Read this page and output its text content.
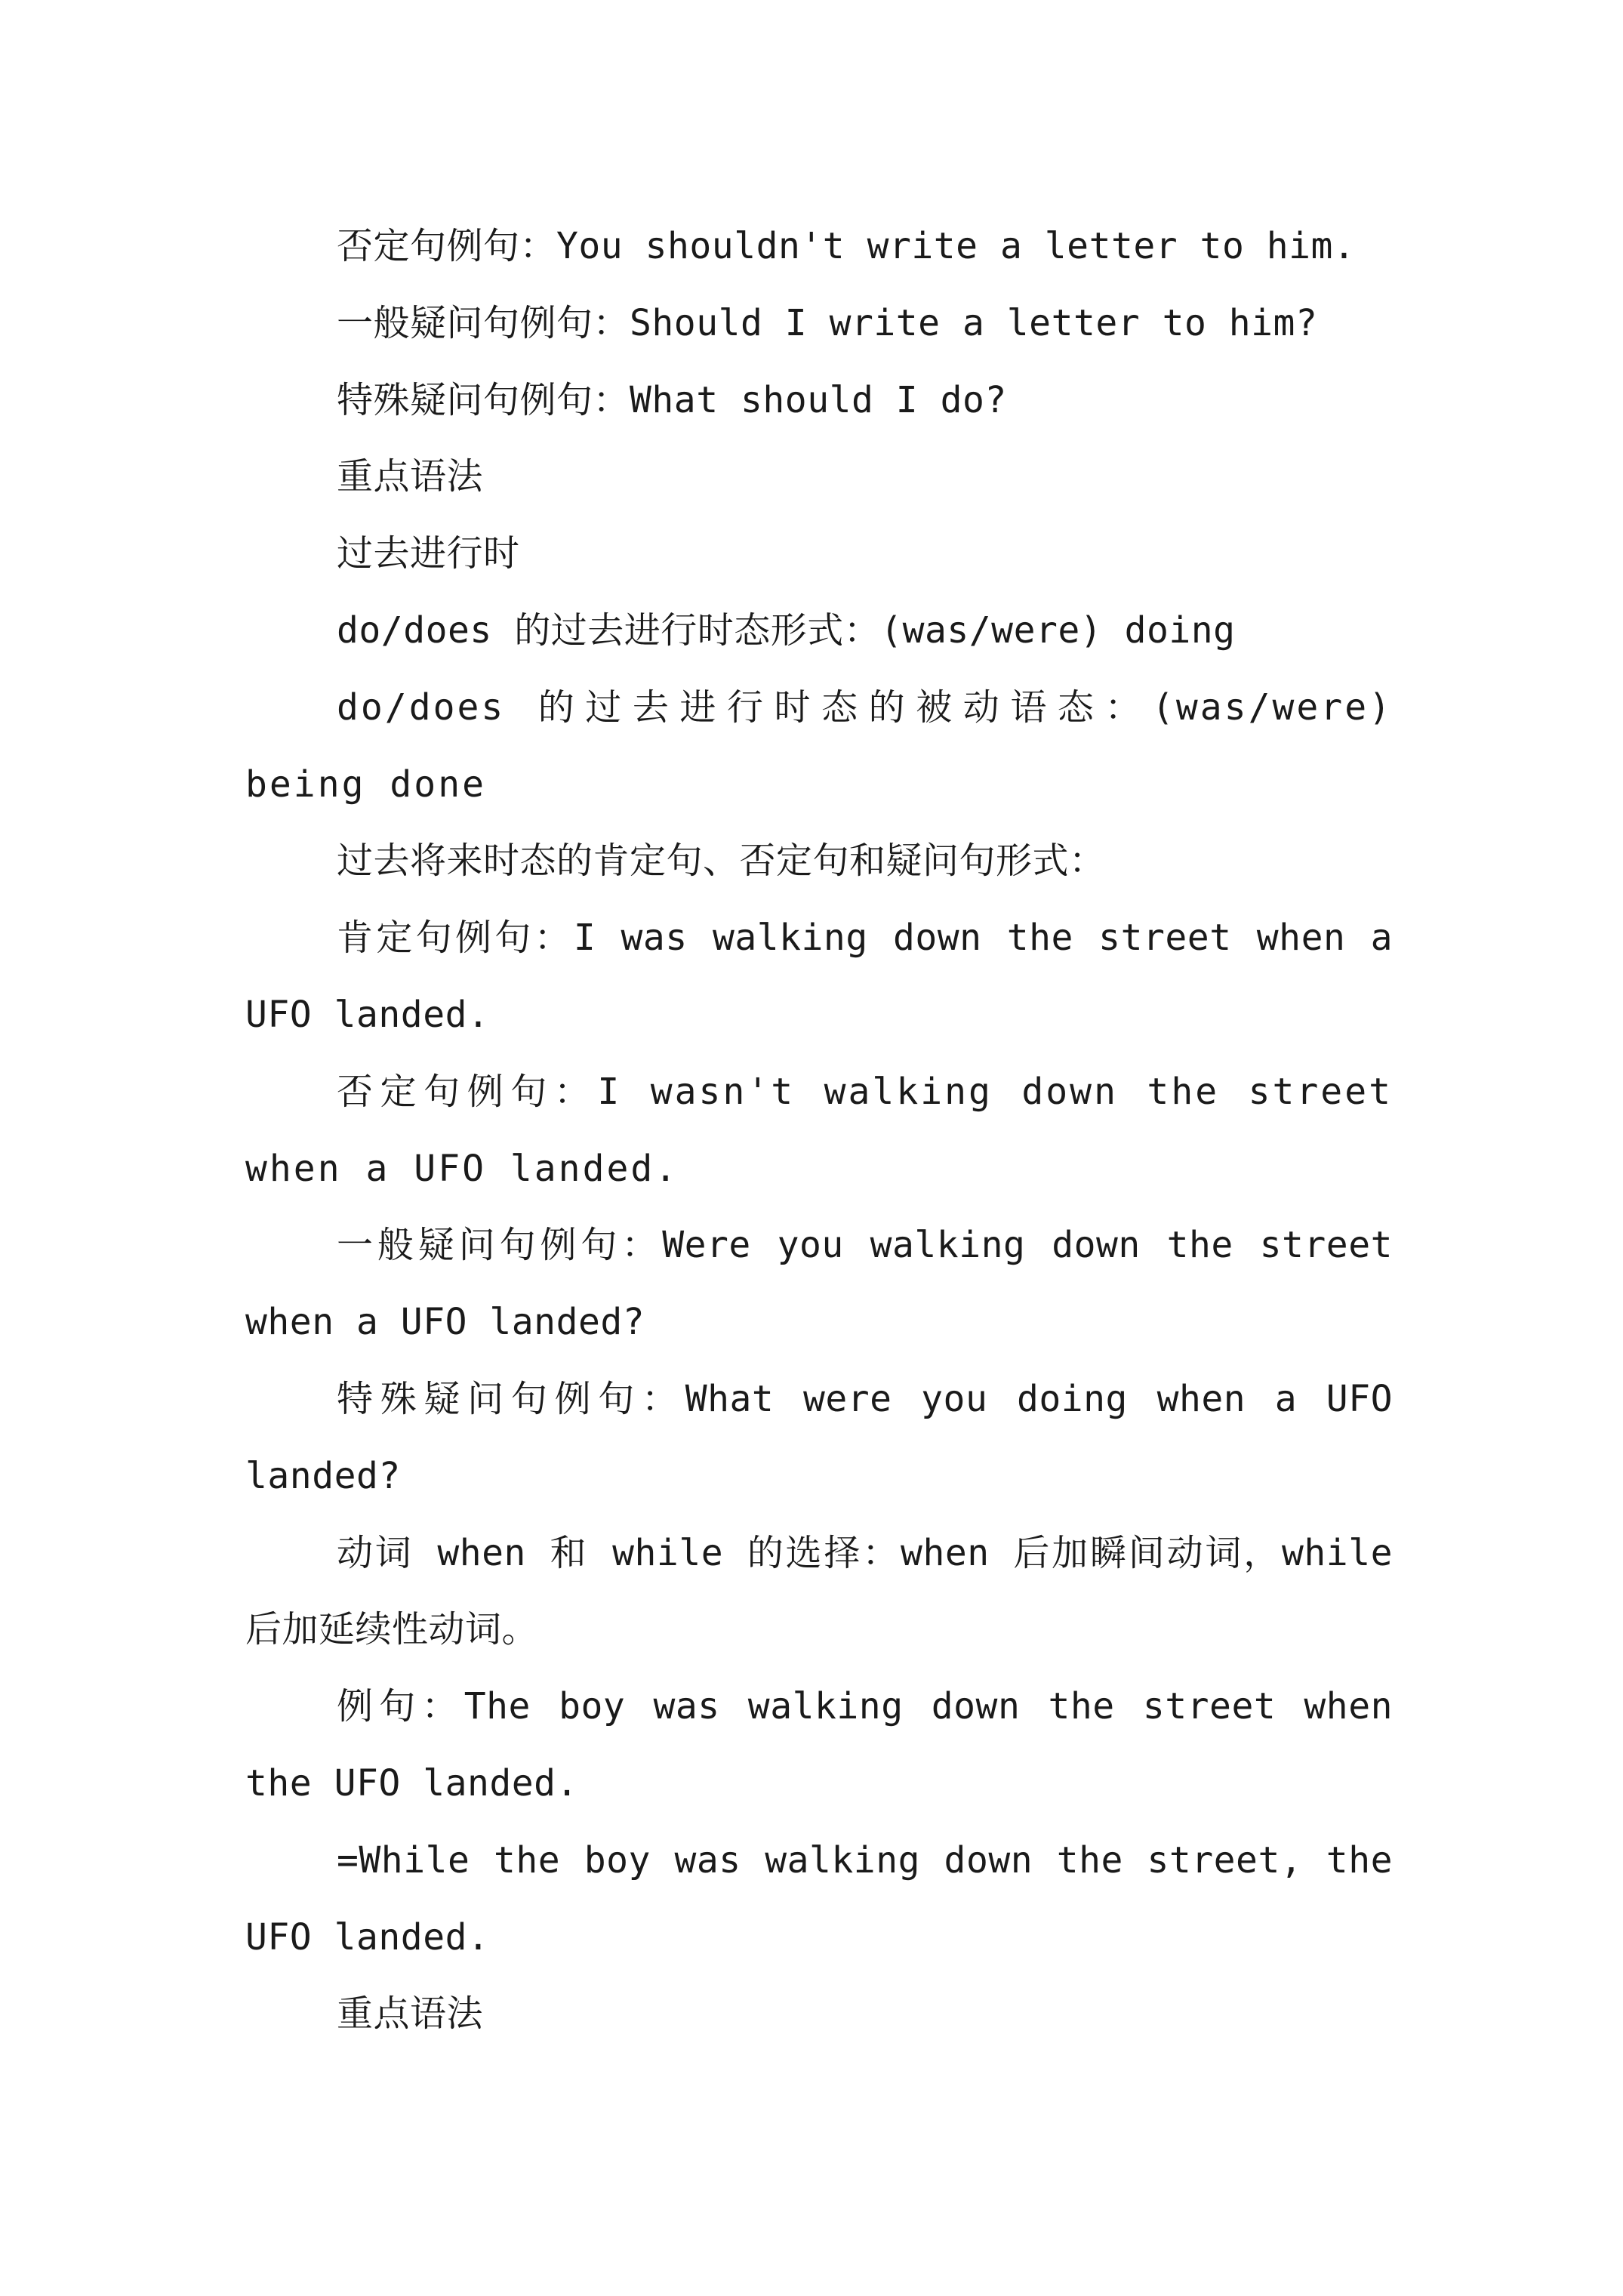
否定句例句：You shouldn't write a letter to him.

一般疑问句例句：Should I write a letter to him?

特殊疑问句例句：What should I do?

重点语法

过去进行时

do/does 的过去进行时态形式：(was/were) doing

do/does 的过去进行时态的被动语态：(was/were) being done

过去将来时态的肯定句、否定句和疑问句形式：

肯定句例句：I was walking down the street when a UFO landed.

否定句例句：I wasn't walking down the street when a UFO landed.

一般疑问句例句：Were you walking down the street when a UFO landed?

特殊疑问句例句：What were you doing when a UFO landed?

动词 when 和 while 的选择：when 后加瞬间动词，while 后加延续性动词。

例句：The boy was walking down the street when the UFO landed.

=While the boy was walking down the street, the UFO landed.

重点语法
